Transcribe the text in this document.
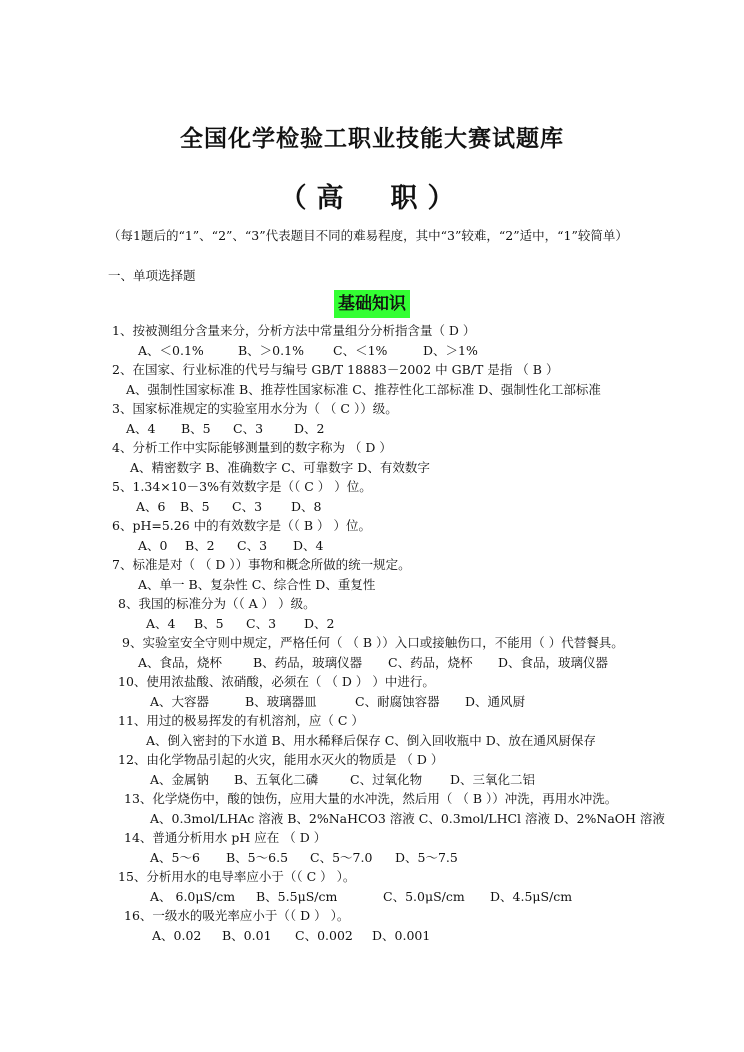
全国化学检验工职业技能大赛试题库
（高　职）
（每1题后的“1”、“2”、“3”代表题目不同的难易程度，其中“3”较难，“2”适中，“1”较简单）
一、单项选择题
基础知识
1、按被测组分含量来分，分析方法中常量组分分析指含量（ D ）
A、＜0.1%	B、＞0.1% C、＜1%	D、＞1%
2、在国家、行业标准的代号与编号 GB/T 18883－2002 中 GB/T 是指 （ B ）
A、强制性国家标准 B、推荐性国家标准 C、推荐性化工部标准 D、强制性化工部标准
3、国家标准规定的实验室用水分为（ （ C ））级。
A、4 B、5 C、3 D、2
4、分析工作中实际能够测量到的数字称为 （ D ）
A、精密数字 B、准确数字 C、可靠数字 D、有效数字
5、1.34×10－3%有效数字是（（ C ） ）位。
A、6 B、5 C、3 D、8
6、pH=5.26 中的有效数字是（（ B ） ）位。
A、0 B、2 C、3 D、4
7、标准是对（ （ D ））事物和概念所做的统一规定。
A、单一 B、复杂性 C、综合性 D、重复性
8、我国的标准分为（（ A ） ）级。
A、4 B、5 C、3 D、2
9、实验室安全守则中规定，严格任何（ （ B ））入口或接触伤口，不能用（ ）代替餐具。
A、食品，烧杯 B、药品，玻璃仪器 C、药品，烧杯 D、食品，玻璃仪器
10、使用浓盐酸、浓硝酸，必须在（ （ D ） ）中进行。
A、大容器	B、玻璃器皿	C、耐腐蚀容器 D、通风厨
11、用过的极易挥发的有机溶剂，应（ C ）
A、倒入密封的下水道 B、用水稀释后保存 C、倒入回收瓶中 D、放在通风厨保存
12、由化学物品引起的火灾，能用水灭火的物质是 （ D ）
A、金属钠 B、五氧化二磷	C、过氧化物 D、三氧化二铝
13、化学烧伤中，酸的蚀伤，应用大量的水冲洗，然后用（ （ B ））冲洗，再用水冲洗。
A、0.3mol/LHAc 溶液 B、2%NaHCO3 溶液 C、0.3mol/LHCl 溶液 D、2%NaOH 溶液
14、普通分析用水 pH 应在 （ D ）
A、5～6 B、5～6.5 C、5～7.0 D、5～7.5
15、分析用水的电导率应小于（（ C ） ）。
A、 6.0μS/cm B、5.5μS/cm	C、5.0μS/cm D、4.5μS/cm
16、一级水的吸光率应小于（（ D ） ）。
A、0.02 B、0.01 C、0.002 D、0.001
